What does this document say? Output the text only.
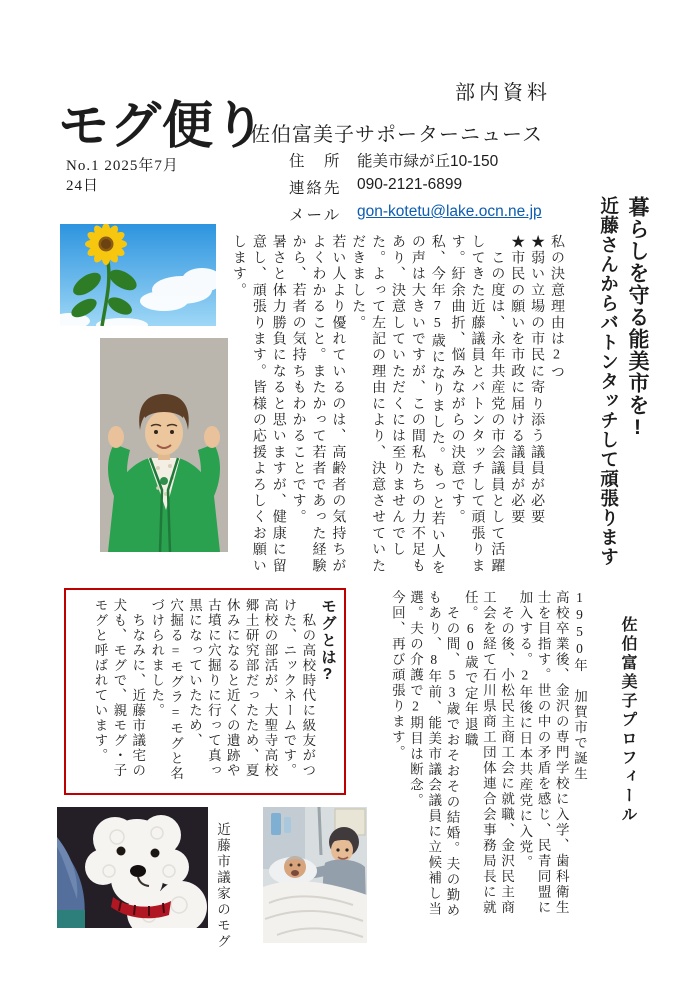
部内資料
モグ便り
佐伯富美子サポーターニュース
No.1 2025年7月24日
住　所 能美市緑が丘10-150
連絡先 090-2121-6899
メール	gon-kotetu@lake.ocn.ne.jp	暮らしを守る能美市を!

近藤さんからバトンタッチして頑張ります

私の決意理由は2つ

★弱い立場の市民に寄り添う議員が必要

★市民の願いを市政に届ける議員が必要

　この度は、永年共産党の市会議員として活躍してきた近藤議員とバトンタッチして頑張ります。紆余曲折、悩みながらの決意です。

私、今年75歳になりました。もっと若い人をの声は大きいですが、この間私たちの力不足もあり、決意していただくには至りませんでした。よって左記の理由により、決意させていただきました。

若い人より優れているのは、高齢者の気持ちがよくわかること。またかって若者であった経験から、若者の気持ちもわかることです。

暑さと体力勝負になると思いますが、健康に留意し、頑張ります。皆様の応援よろしくお願いします。

モグとは?

　私の高校時代に級友がつけた、ニックネームです。

高校の部活が、大聖寺高校郷土研究部だったため、夏休みになると近くの遺跡や古墳に穴掘りに行って真っ黒になっていたため、

穴掘る=モグラ=モグと名づけられました。

　ちなみに、近藤市議宅の犬も、モグで、親モグ・子モグと呼ばれています。	佐伯富美子プロフィール

1950年　加賀市で誕生

高校卒業後、金沢の専門学校に入学、歯科衛生士を目指す。世の中の矛盾を感じ、民青同盟に加入する。2年後に日本共産党に入党。

　その後、小松民主商工会に就職、金沢民主商工会を経て石川県商工団体連合会事務局長に就任。60歳で定年退職

　その間、53歳でおそおその結婚。夫の勤めもあり、8年前、能美市議会議員に立候補し当選。夫の介護で2期目は断念。

今回、再び頑張ります。

近藤市議家のモグ
